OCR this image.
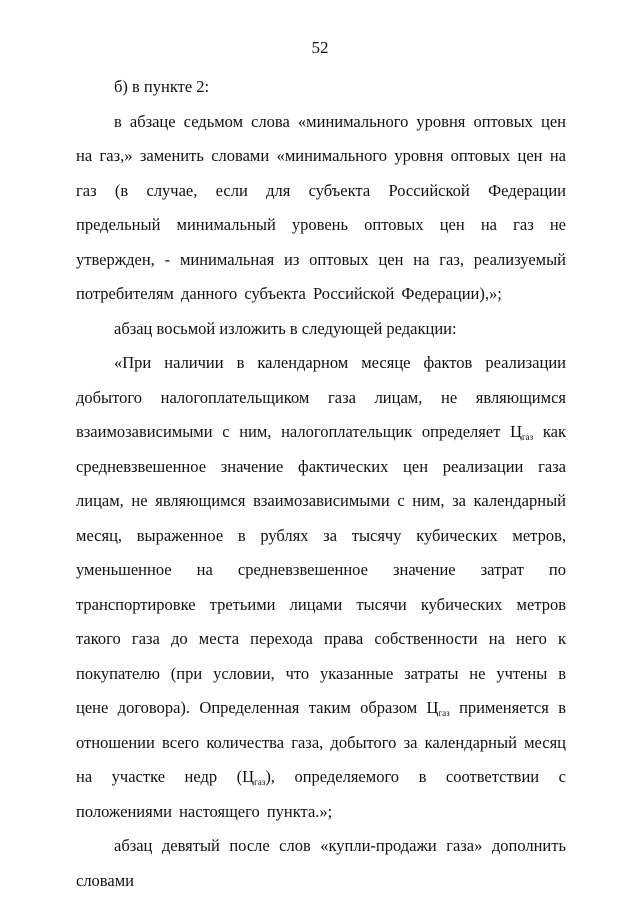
52

б) в пункте 2:

в абзаце седьмом слова «минимального уровня оптовых цен на газ,» заменить словами «минимального уровня оптовых цен на газ (в случае, если для субъекта Российской Федерации предельный минимальный уровень оптовых цен на газ не утвержден, - минимальная из оптовых цен на газ, реализуемый потребителям данного субъекта Российской Федерации),»;

абзац восьмой изложить в следующей редакции:

«При наличии в календарном месяце фактов реализации добытого налогоплательщиком газа лицам, не являющимся взаимозависимыми с ним, налогоплательщик определяет $Ц_{газ}$ как средневзвешенное значение фактических цен реализации газа лицам, не являющимся взаимозависимыми с ним, за календарный месяц, выраженное в рублях за тысячу кубических метров, уменьшенное на средневзвешенное значение затрат по транспортировке третьими лицами тысячи кубических метров такого газа до места перехода права собственности на него к покупателю (при условии, что указанные затраты не учтены в цене договора). Определенная таким образом $Ц_{газ}$ применяется в отношении всего количества газа, добытого за календарный месяц на участке недр $(Ц_{газ})$, определяемого в соответствии с положениями настоящего пункта.»;

абзац девятый после слов «купли-продажи газа» дополнить словами
